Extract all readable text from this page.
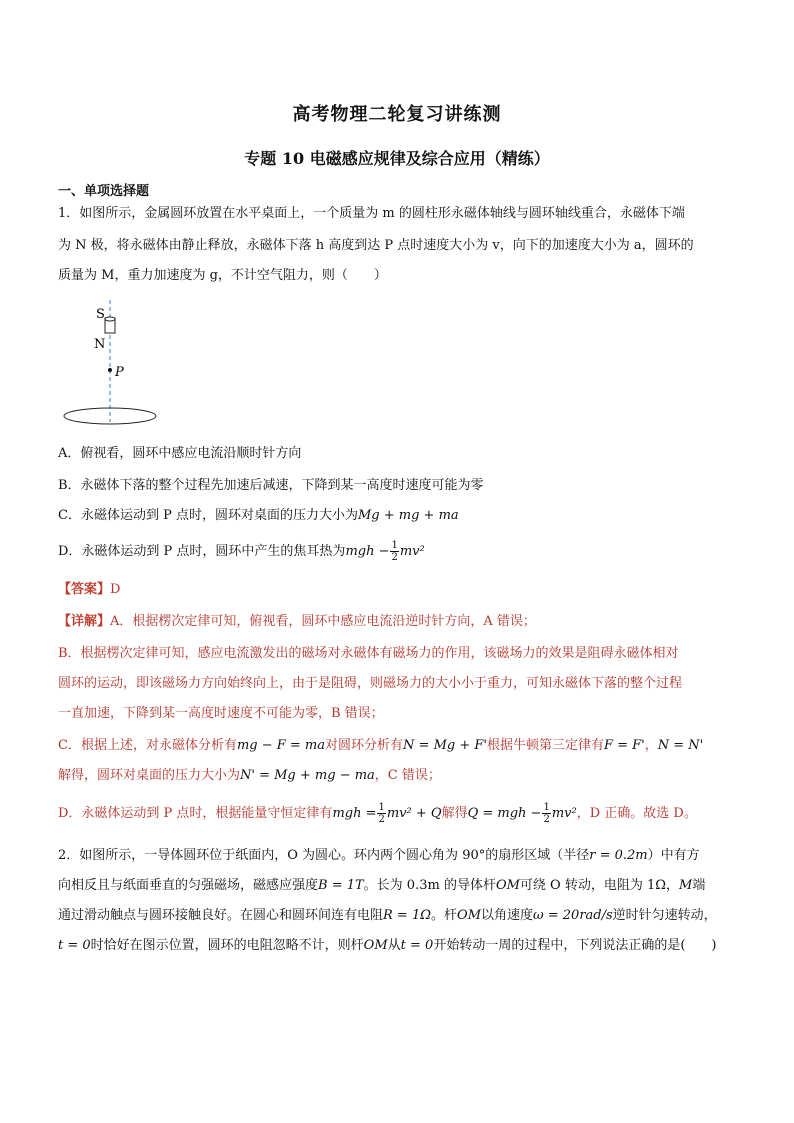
高考物理二轮复习讲练测
专题 10 电磁感应规律及综合应用（精练）
一、单项选择题
1．如图所示，金属圆环放置在水平桌面上，一个质量为 m 的圆柱形永磁体轴线与圆环轴线重合，永磁体下端
为 N 极，将永磁体由静止释放，永磁体下落 h 高度到达 P 点时速度大小为 v，向下的加速度大小为 a，圆环的
质量为 M，重力加速度为 g，不计空气阻力，则（　　）
S
N
P
A．俯视看，圆环中感应电流沿顺时针方向
B．永磁体下落的整个过程先加速后减速，下降到某一高度时速度可能为零
C．永磁体运动到 P 点时，圆环对桌面的压力大小为Mg + mg + ma
D．永磁体运动到 P 点时，圆环中产生的焦耳热为mgh − $\frac{1}{2} mv^2$
【答案】D
【详解】A．根据楞次定律可知，俯视看，圆环中感应电流沿逆时针方向，A 错误；
B．根据楞次定律可知，感应电流激发出的磁场对永磁体有磁场力的作用，该磁场力的效果是阻碍永磁体相对
圆环的运动，即该磁场力方向始终向上，由于是阻碍，则磁场力的大小小于重力，可知永磁体下落的整个过程
一直加速，下降到某一高度时速度不可能为零，B 错误；
C．根据上述，对永磁体分析有mg − F = ma对圆环分析有N = Mg + F'根据牛顿第三定律有F = F'，N = N'
解得，圆环对桌面的压力大小为N' = Mg + mg − ma，C 错误；
D．永磁体运动到 P 点时，根据能量守恒定律有mgh = $\frac{1}{2} mv^2 + Q$解得Q = mgh − $\frac{1}{2} mv^2$，D 正确。故选 D。
2．如图所示，一导体圆环位于纸面内，O 为圆心。环内两个圆心角为 90°的扇形区域（半径r = 0.2m）中有方
向相反且与纸面垂直的匀强磁场，磁感应强度B = 1T。长为 0.3m 的导体杆OM可绕 O 转动，电阻为 1Ω，M端
通过滑动触点与圆环接触良好。在圆心和圆环间连有电阻R = 1Ω。杆OM以角速度ω = 20rad/s逆时针匀速转动，
t = 0时恰好在图示位置，圆环的电阻忽略不计，则杆OM从t = 0开始转动一周的过程中，下列说法正确的是(　　)
